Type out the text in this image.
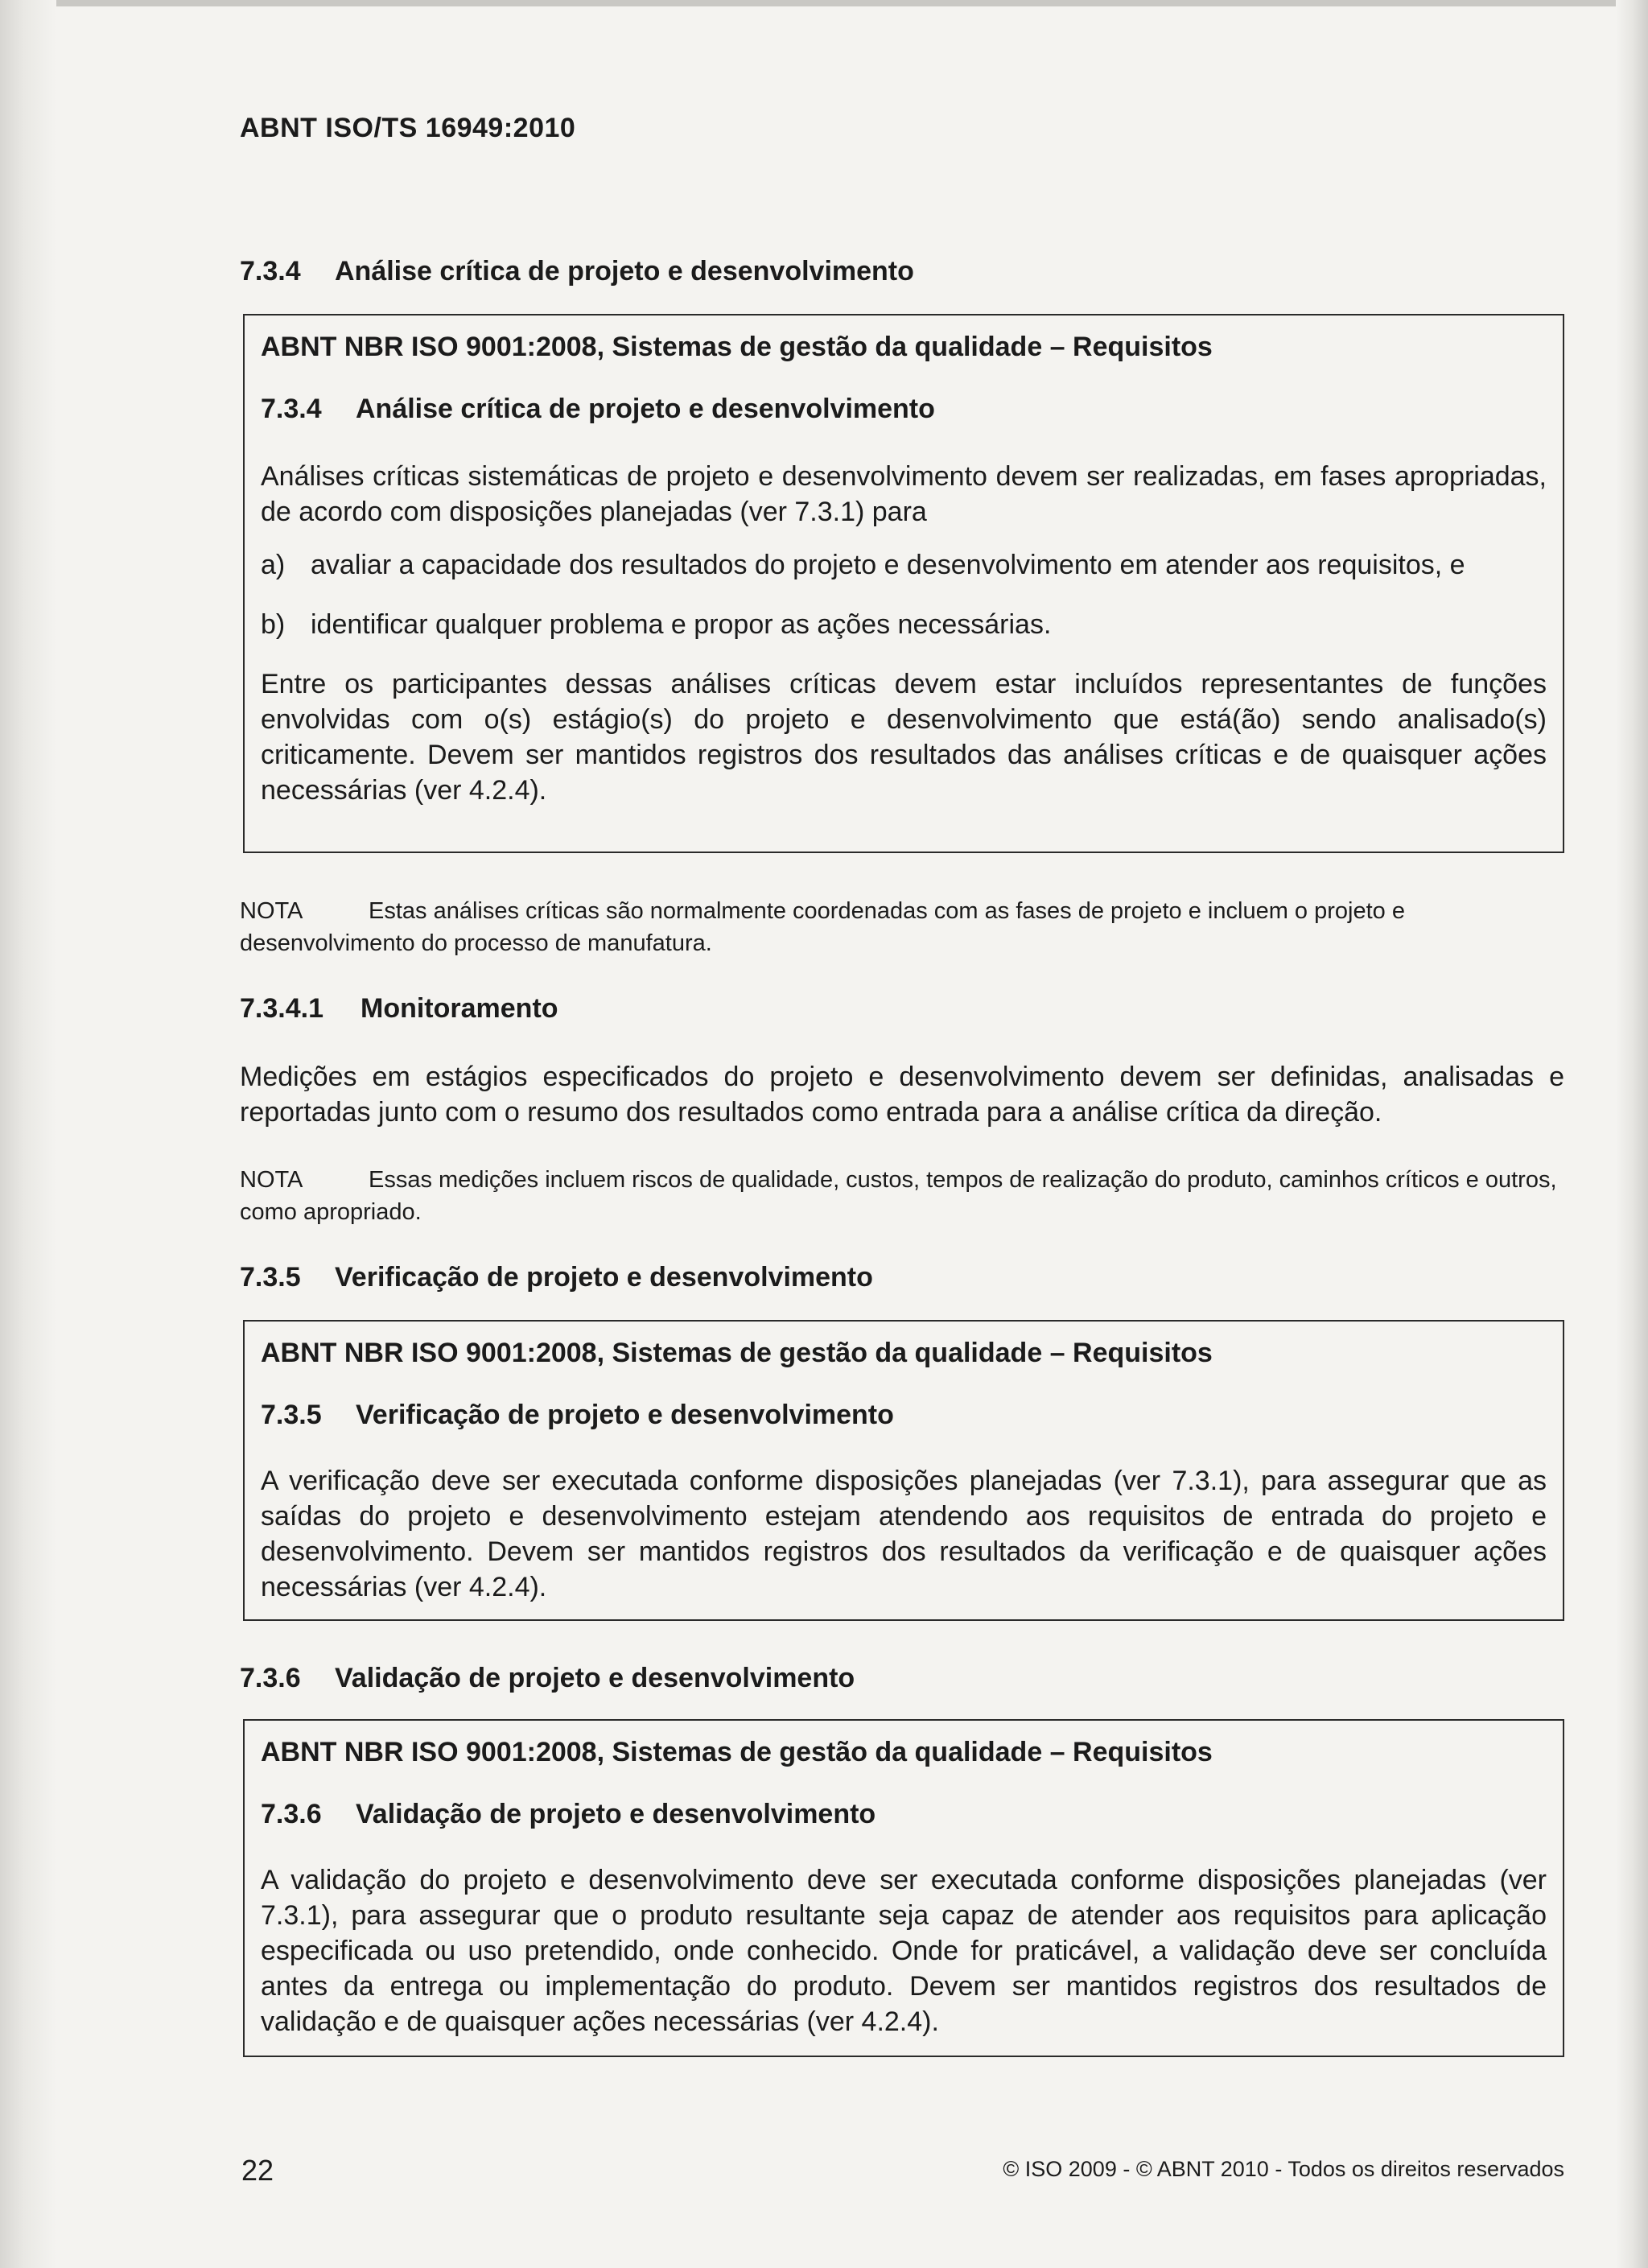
ABNT ISO/TS 16949:2010
7.3.4 Análise crítica de projeto e desenvolvimento

ABNT NBR ISO 9001:2008, Sistemas de gestão da qualidade – Requisitos

7.3.4 Análise crítica de projeto e desenvolvimento

Análises críticas sistemáticas de projeto e desenvolvimento devem ser realizadas, em fases apropriadas, de acordo com disposições planejadas (ver 7.3.1) para

a) avaliar a capacidade dos resultados do projeto e desenvolvimento em atender aos requisitos, e
b) identificar qualquer problema e propor as ações necessárias.

Entre os participantes dessas análises críticas devem estar incluídos representantes de funções envolvidas com o(s) estágio(s) do projeto e desenvolvimento que está(ão) sendo analisado(s) criticamente. Devem ser mantidos registros dos resultados das análises críticas e de quaisquer ações necessárias (ver 4.2.4).

NOTA	Estas análises críticas são normalmente coordenadas com as fases de projeto e incluem o projeto e desenvolvimento do processo de manufatura.

7.3.4.1 Monitoramento

Medições em estágios especificados do projeto e desenvolvimento devem ser definidas, analisadas e reportadas junto com o resumo dos resultados como entrada para a análise crítica da direção.

NOTA	Essas medições incluem riscos de qualidade, custos, tempos de realização do produto, caminhos críticos e outros, como apropriado.

7.3.5 Verificação de projeto e desenvolvimento

ABNT NBR ISO 9001:2008, Sistemas de gestão da qualidade – Requisitos

7.3.5 Verificação de projeto e desenvolvimento

A verificação deve ser executada conforme disposições planejadas (ver 7.3.1), para assegurar que as saídas do projeto e desenvolvimento estejam atendendo aos requisitos de entrada do projeto e desenvolvimento. Devem ser mantidos registros dos resultados da verificação e de quaisquer ações necessárias (ver 4.2.4).

7.3.6 Validação de projeto e desenvolvimento

ABNT NBR ISO 9001:2008, Sistemas de gestão da qualidade – Requisitos

7.3.6 Validação de projeto e desenvolvimento

A validação do projeto e desenvolvimento deve ser executada conforme disposições planejadas (ver 7.3.1), para assegurar que o produto resultante seja capaz de atender aos requisitos para aplicação especificada ou uso pretendido, onde conhecido. Onde for praticável, a validação deve ser concluída antes da entrega ou implementação do produto. Devem ser mantidos registros dos resultados de validação e de quaisquer ações necessárias (ver 4.2.4).

22	© ISO 2009 - © ABNT 2010 - Todos os direitos reservados
